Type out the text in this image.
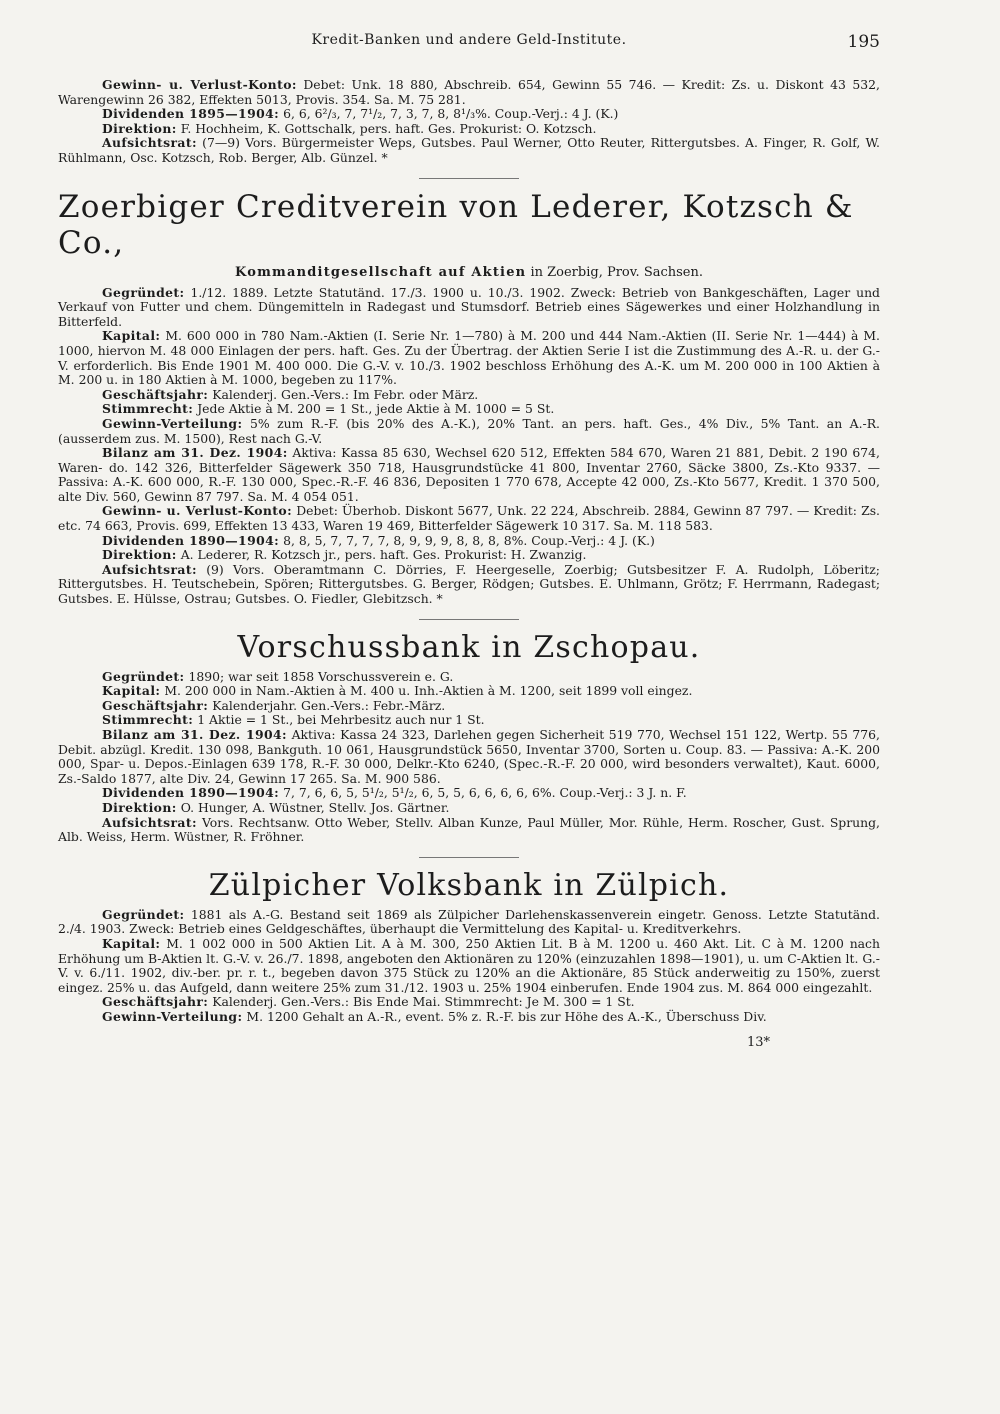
Kredit-Banken und andere Geld-Institute.	195

Gewinn- u. Verlust-Konto: Debet: Unk. 18 880, Abschreib. 654, Gewinn 55 746. — Kredit: Zs. u. Diskont 43 532, Warengewinn 26 382, Effekten 5013, Provis. 354. Sa. M. 75 281.

Dividenden 1895—1904: 6, 6, 6²/₃, 7, 7¹/₂, 7, 3, 7, 8, 8¹/₃%. Coup.-Verj.: 4 J. (K.)

Direktion: F. Hochheim, K. Gottschalk, pers. haft. Ges. Prokurist: O. Kotzsch.

Aufsichtsrat: (7—9) Vors. Bürgermeister Weps, Gutsbes. Paul Werner, Otto Reuter, Rittergutsbes. A. Finger, R. Golf, W. Rühlmann, Osc. Kotzsch, Rob. Berger, Alb. Günzel. *

Zoerbiger Creditverein von Lederer, Kotzsch & Co.,
Kommanditgesellschaft auf Aktien in Zoerbig, Prov. Sachsen.

Gegründet: 1./12. 1889. Letzte Statutänd. 17./3. 1900 u. 10./3. 1902. Zweck: Betrieb von Bankgeschäften, Lager und Verkauf von Futter und chem. Düngemitteln in Radegast und Stumsdorf. Betrieb eines Sägewerkes und einer Holzhandlung in Bitterfeld.

Kapital: M. 600 000 in 780 Nam.-Aktien (I. Serie Nr. 1—780) à M. 200 und 444 Nam.-Aktien (II. Serie Nr. 1—444) à M. 1000, hiervon M. 48 000 Einlagen der pers. haft. Ges. Zu der Übertrag. der Aktien Serie I ist die Zustimmung des A.-R. u. der G.-V. erforderlich. Bis Ende 1901 M. 400 000. Die G.-V. v. 10./3. 1902 beschloss Erhöhung des A.-K. um M. 200 000 in 100 Aktien à M. 200 u. in 180 Aktien à M. 1000, begeben zu 117%.

Geschäftsjahr: Kalenderj. Gen.-Vers.: Im Febr. oder März.

Stimmrecht: Jede Aktie à M. 200 = 1 St., jede Aktie à M. 1000 = 5 St.

Gewinn-Verteilung: 5% zum R.-F. (bis 20% des A.-K.), 20% Tant. an pers. haft. Ges., 4% Div., 5% Tant. an A.-R. (ausserdem zus. M. 1500), Rest nach G.-V.

Bilanz am 31. Dez. 1904: Aktiva: Kassa 85 630, Wechsel 620 512, Effekten 584 670, Waren 21 881, Debit. 2 190 674, Waren- do. 142 326, Bitterfelder Sägewerk 350 718, Hausgrundstücke 41 800, Inventar 2760, Säcke 3800, Zs.-Kto 9337. — Passiva: A.-K. 600 000, R.-F. 130 000, Spec.-R.-F. 46 836, Depositen 1 770 678, Accepte 42 000, Zs.-Kto 5677, Kredit. 1 370 500, alte Div. 560, Gewinn 87 797. Sa. M. 4 054 051.

Gewinn- u. Verlust-Konto: Debet: Überhob. Diskont 5677, Unk. 22 224, Abschreib. 2884, Gewinn 87 797. — Kredit: Zs. etc. 74 663, Provis. 699, Effekten 13 433, Waren 19 469, Bitterfelder Sägewerk 10 317. Sa. M. 118 583.

Dividenden 1890—1904: 8, 8, 5, 7, 7, 7, 7, 8, 9, 9, 9, 8, 8, 8, 8%. Coup.-Verj.: 4 J. (K.)

Direktion: A. Lederer, R. Kotzsch jr., pers. haft. Ges. Prokurist: H. Zwanzig.

Aufsichtsrat: (9) Vors. Oberamtmann C. Dörries, F. Heergeselle, Zoerbig; Gutsbesitzer F. A. Rudolph, Löberitz; Rittergutsbes. H. Teutschebein, Spören; Rittergutsbes. G. Berger, Rödgen; Gutsbes. E. Uhlmann, Grötz; F. Herrmann, Radegast; Gutsbes. E. Hülsse, Ostrau; Gutsbes. O. Fiedler, Glebitzsch. *

Vorschussbank in Zschopau.

Gegründet: 1890; war seit 1858 Vorschussverein e. G.

Kapital: M. 200 000 in Nam.-Aktien à M. 400 u. Inh.-Aktien à M. 1200, seit 1899 voll eingez.

Geschäftsjahr: Kalenderjahr. Gen.-Vers.: Febr.-März.

Stimmrecht: 1 Aktie = 1 St., bei Mehrbesitz auch nur 1 St.

Bilanz am 31. Dez. 1904: Aktiva: Kassa 24 323, Darlehen gegen Sicherheit 519 770, Wechsel 151 122, Wertp. 55 776, Debit. abzügl. Kredit. 130 098, Bankguth. 10 061, Hausgrundstück 5650, Inventar 3700, Sorten u. Coup. 83. — Passiva: A.-K. 200 000, Spar- u. Depos.-Einlagen 639 178, R.-F. 30 000, Delkr.-Kto 6240, (Spec.-R.-F. 20 000, wird besonders verwaltet), Kaut. 6000, Zs.-Saldo 1877, alte Div. 24, Gewinn 17 265. Sa. M. 900 586.

Dividenden 1890—1904: 7, 7, 6, 6, 5, 5¹/₂, 5¹/₂, 6, 5, 5, 6, 6, 6, 6, 6%. Coup.-Verj.: 3 J. n. F.

Direktion: O. Hunger, A. Wüstner, Stellv. Jos. Gärtner.

Aufsichtsrat: Vors. Rechtsanw. Otto Weber, Stellv. Alban Kunze, Paul Müller, Mor. Rühle, Herm. Roscher, Gust. Sprung, Alb. Weiss, Herm. Wüstner, R. Fröhner.

Zülpicher Volksbank in Zülpich.

Gegründet: 1881 als A.-G. Bestand seit 1869 als Zülpicher Darlehenskassenverein eingetr. Genoss. Letzte Statutänd. 2./4. 1903. Zweck: Betrieb eines Geldgeschäftes, überhaupt die Vermittelung des Kapital- u. Kreditverkehrs.

Kapital: M. 1 002 000 in 500 Aktien Lit. A à M. 300, 250 Aktien Lit. B à M. 1200 u. 460 Akt. Lit. C à M. 1200 nach Erhöhung um B-Aktien lt. G.-V. v. 26./7. 1898, angeboten den Aktionären zu 120% (einzuzahlen 1898—1901), u. um C-Aktien lt. G.-V. v. 6./11. 1902, div.-ber. pr. r. t., begeben davon 375 Stück zu 120% an die Aktionäre, 85 Stück anderweitig zu 150%, zuerst eingez. 25% u. das Aufgeld, dann weitere 25% zum 31./12. 1903 u. 25% 1904 einberufen. Ende 1904 zus. M. 864 000 eingezahlt.

Geschäftsjahr: Kalenderj. Gen.-Vers.: Bis Ende Mai. Stimmrecht: Je M. 300 = 1 St.

Gewinn-Verteilung: M. 1200 Gehalt an A.-R., event. 5% z. R.-F. bis zur Höhe des A.-K., Überschuss Div.

13*
